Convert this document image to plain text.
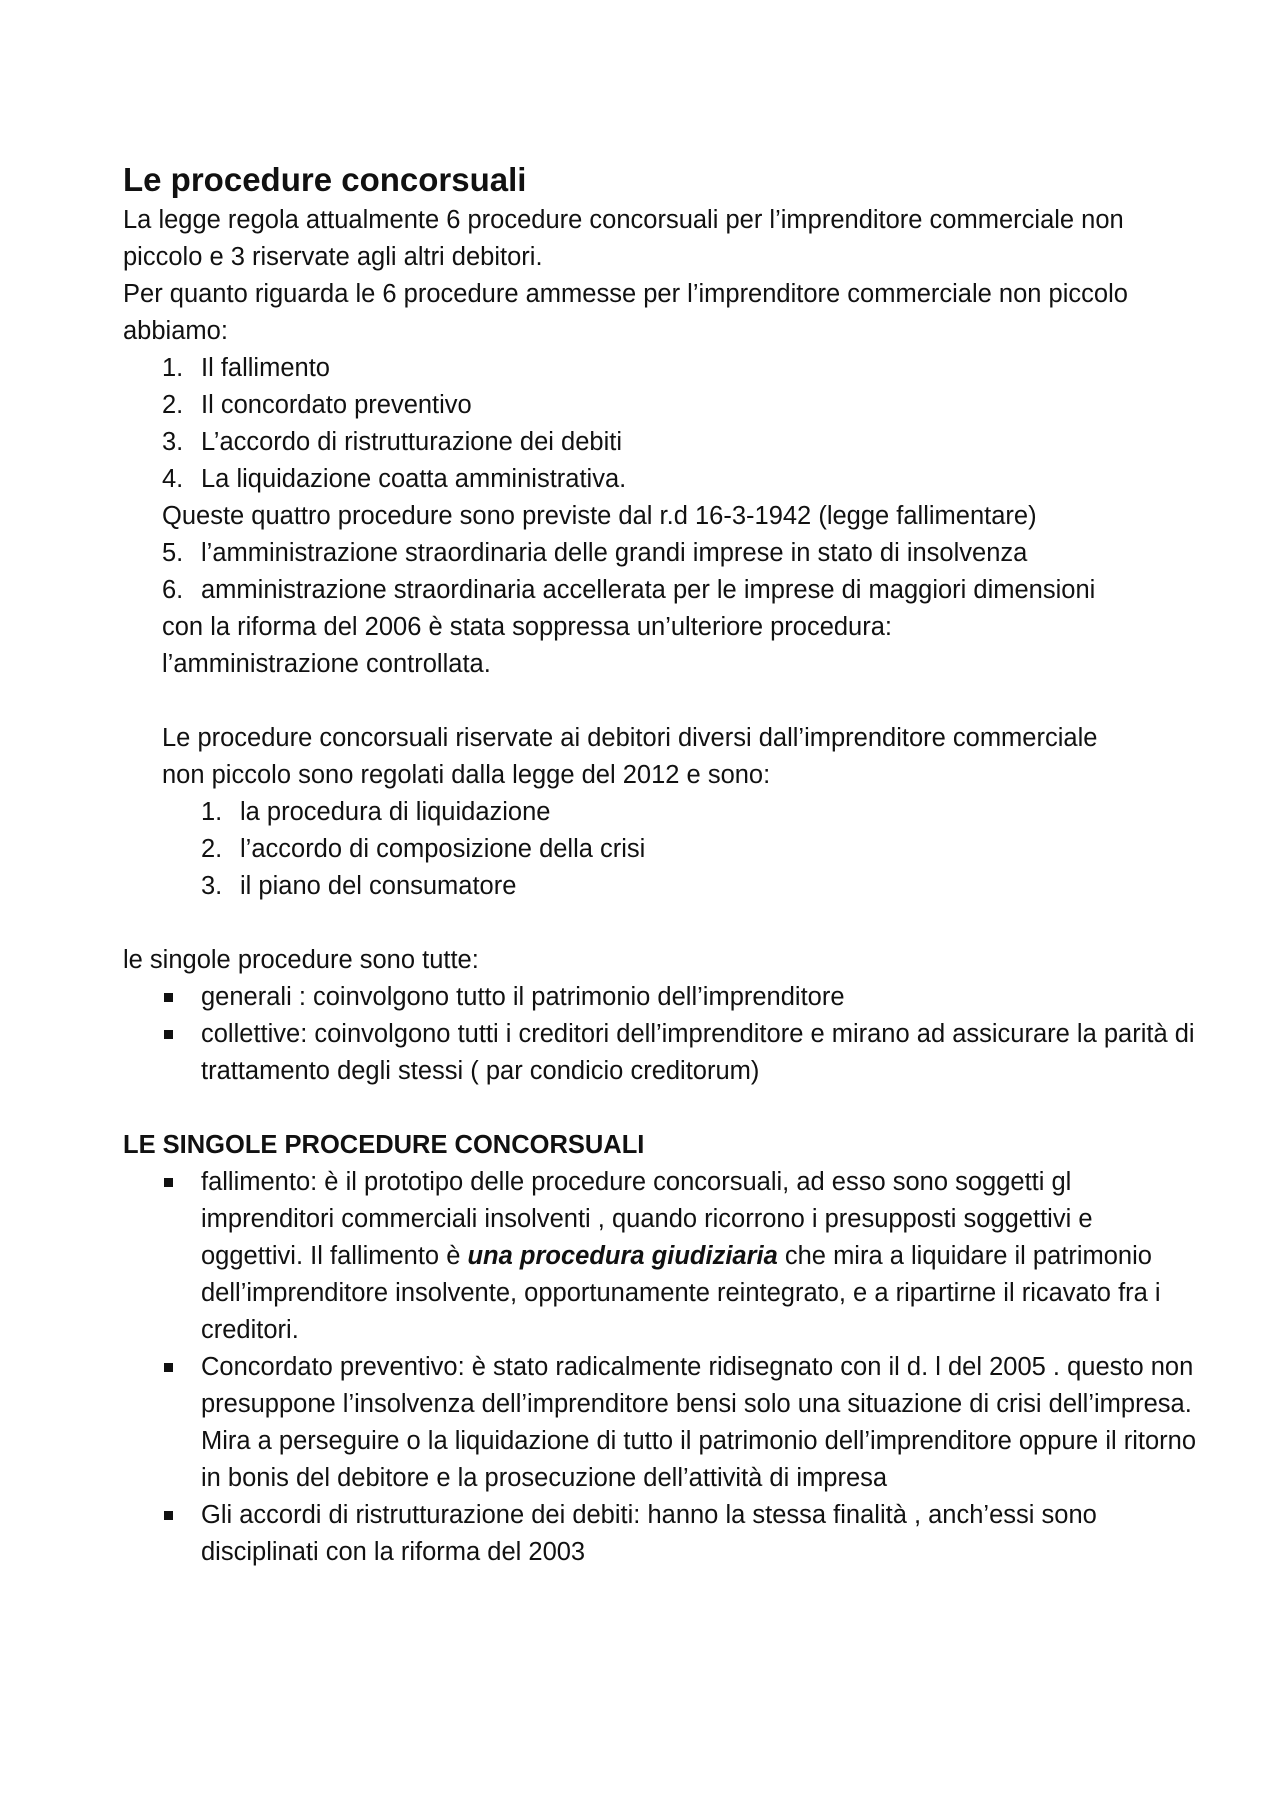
Le procedure concorsuali

La legge regola attualmente 6 procedure concorsuali per l’imprenditore commerciale non piccolo e 3 riservate agli altri debitori.

Per quanto riguarda le 6 procedure ammesse per l’imprenditore commerciale non piccolo abbiamo:

1. Il fallimento
2. Il concordato preventivo
3. L’accordo di ristrutturazione dei debiti
4. La liquidazione coatta amministrativa.

Queste quattro procedure sono previste dal r.d 16-3-1942 (legge fallimentare)

5. l’amministrazione straordinaria delle grandi imprese in stato di insolvenza
6. amministrazione straordinaria accellerata per le imprese di maggiori dimensioni

con la riforma del 2006 è stata soppressa un’ulteriore procedura: l’amministrazione controllata.

Le procedure concorsuali riservate ai debitori diversi dall’imprenditore commerciale non piccolo sono regolati dalla legge del 2012 e sono:

1. la procedura di liquidazione
2. l’accordo di composizione della crisi
3. il piano del consumatore

le singole procedure sono tutte:

generali : coinvolgono tutto il patrimonio dell’imprenditore
collettive: coinvolgono tutti i creditori dell’imprenditore e mirano ad assicurare la parità di trattamento degli stessi ( par condicio creditorum)

LE SINGOLE PROCEDURE CONCORSUALI

fallimento: è il prototipo delle procedure concorsuali, ad esso sono soggetti gl imprenditori commerciali insolventi , quando ricorrono i presupposti soggettivi e oggettivi. Il fallimento è una procedura giudiziaria che mira a liquidare il patrimonio dell’imprenditore insolvente, opportunamente reintegrato, e a ripartirne il ricavato fra i creditori.
Concordato preventivo: è stato radicalmente ridisegnato con il d. l del 2005 . questo non presuppone l’insolvenza dell’imprenditore bensi solo una situazione di crisi dell’impresa. Mira a perseguire o la liquidazione di tutto il patrimonio dell’imprenditore oppure il ritorno in bonis del debitore e la prosecuzione dell’attività di impresa
Gli accordi di ristrutturazione dei debiti: hanno la stessa finalità , anch’essi sono disciplinati con la riforma del 2003
